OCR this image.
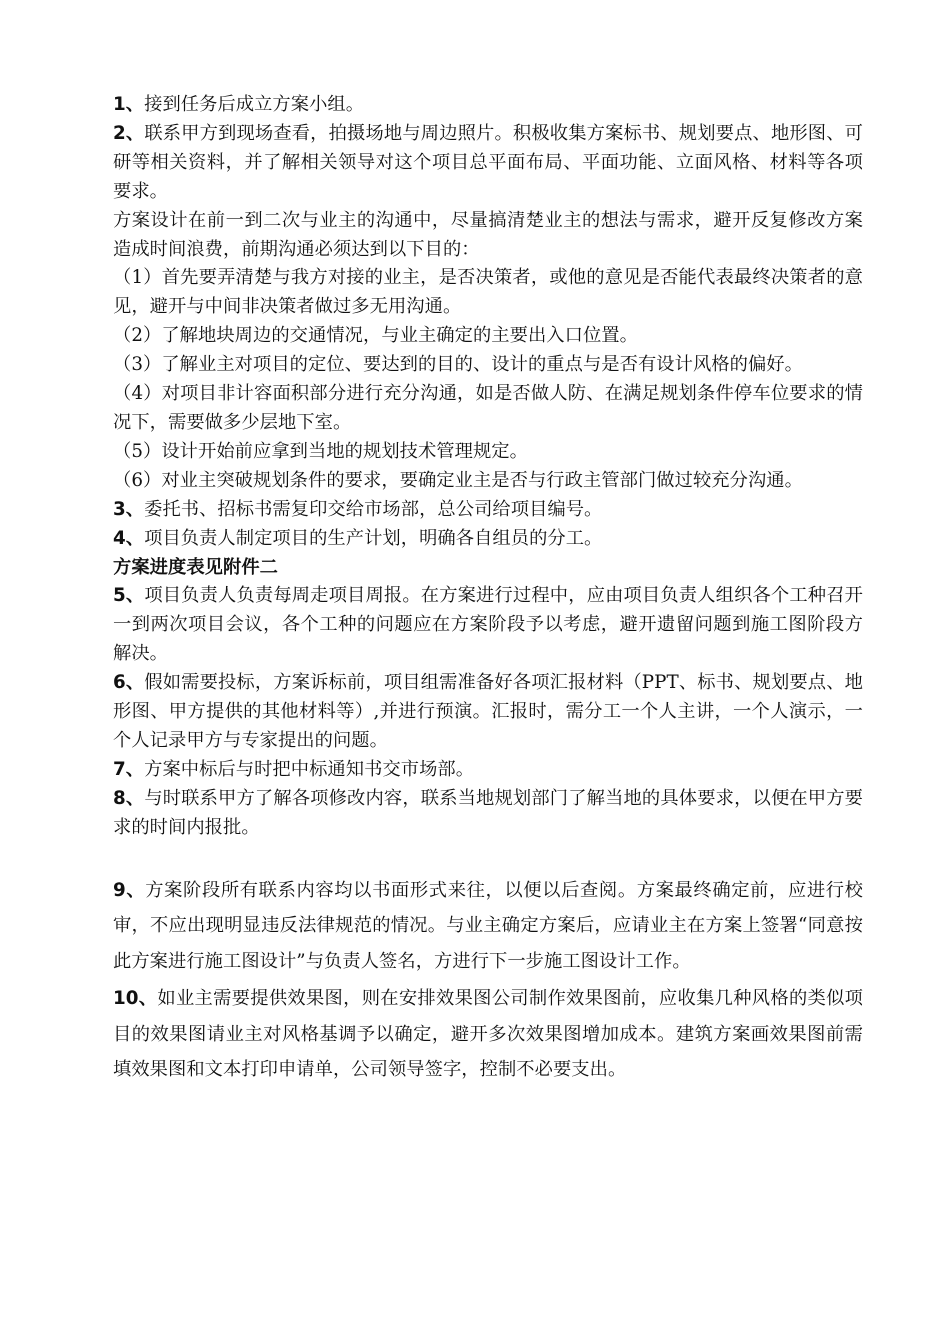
1、接到任务后成立方案小组。

2、联系甲方到现场查看，拍摄场地与周边照片。积极收集方案标书、规划要点、地形图、可研等相关资料，并了解相关领导对这个项目总平面布局、平面功能、立面风格、材料等各项要求。

方案设计在前一到二次与业主的沟通中，尽量搞清楚业主的想法与需求，避开反复修改方案造成时间浪费，前期沟通必须达到以下目的：

（1）首先要弄清楚与我方对接的业主，是否决策者，或他的意见是否能代表最终决策者的意见，避开与中间非决策者做过多无用沟通。

（2）了解地块周边的交通情况，与业主确定的主要出入口位置。

（3）了解业主对项目的定位、要达到的目的、设计的重点与是否有设计风格的偏好。

（4）对项目非计容面积部分进行充分沟通，如是否做人防、在满足规划条件停车位要求的情况下，需要做多少层地下室。

（5）设计开始前应拿到当地的规划技术管理规定。

（6）对业主突破规划条件的要求，要确定业主是否与行政主管部门做过较充分沟通。

3、委托书、招标书需复印交给市场部，总公司给项目编号。

4、项目负责人制定项目的生产计划，明确各自组员的分工。

方案进度表见附件二

5、项目负责人负责每周走项目周报。在方案进行过程中，应由项目负责人组织各个工种召开一到两次项目会议，各个工种的问题应在方案阶段予以考虑，避开遗留问题到施工图阶段方解决。

6、假如需要投标，方案诉标前，项目组需准备好各项汇报材料（PPT、标书、规划要点、地形图、甲方提供的其他材料等）,并进行预演。汇报时，需分工一个人主讲，一个人演示，一个人记录甲方与专家提出的问题。

7、方案中标后与时把中标通知书交市场部。

8、与时联系甲方了解各项修改内容，联系当地规划部门了解当地的具体要求，以便在甲方要求的时间内报批。

9、方案阶段所有联系内容均以书面形式来往，以便以后查阅。方案最终确定前，应进行校审，不应出现明显违反法律规范的情况。与业主确定方案后，应请业主在方案上签署“同意按此方案进行施工图设计”与负责人签名，方进行下一步施工图设计工作。

10、如业主需要提供效果图，则在安排效果图公司制作效果图前，应收集几种风格的类似项目的效果图请业主对风格基调予以确定，避开多次效果图增加成本。建筑方案画效果图前需填效果图和文本打印申请单，公司领导签字，控制不必要支出。
